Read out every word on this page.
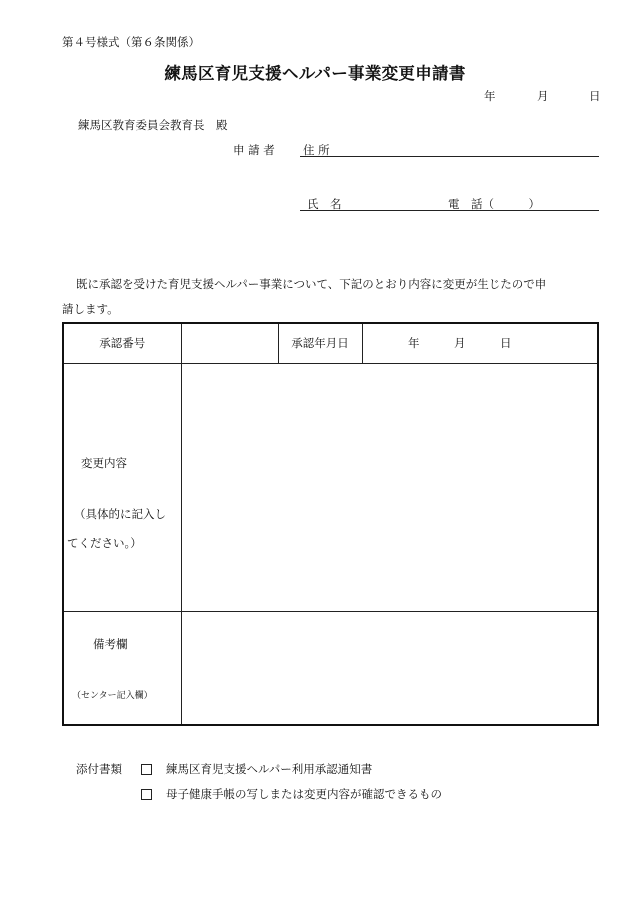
第４号様式（第６条関係）
練馬区育児支援ヘルパー事業変更申請書
年	月	日
練馬区教育委員会教育長　殿
申 請 者 住 所
氏　名	電　話（　　　）
既に承認を受けた育児支援ヘルパー事業について、下記のとおり内容に変更が生じたので申
請します。
承認番号		承認年月日	年　　　月　　　日

変更内容
（具体的に記入し
てください。）			

備考欄
（センター記入欄）			

添付書類	練馬区育児支援ヘルパー利用承認通知書
母子健康手帳の写しまたは変更内容が確認できるもの
